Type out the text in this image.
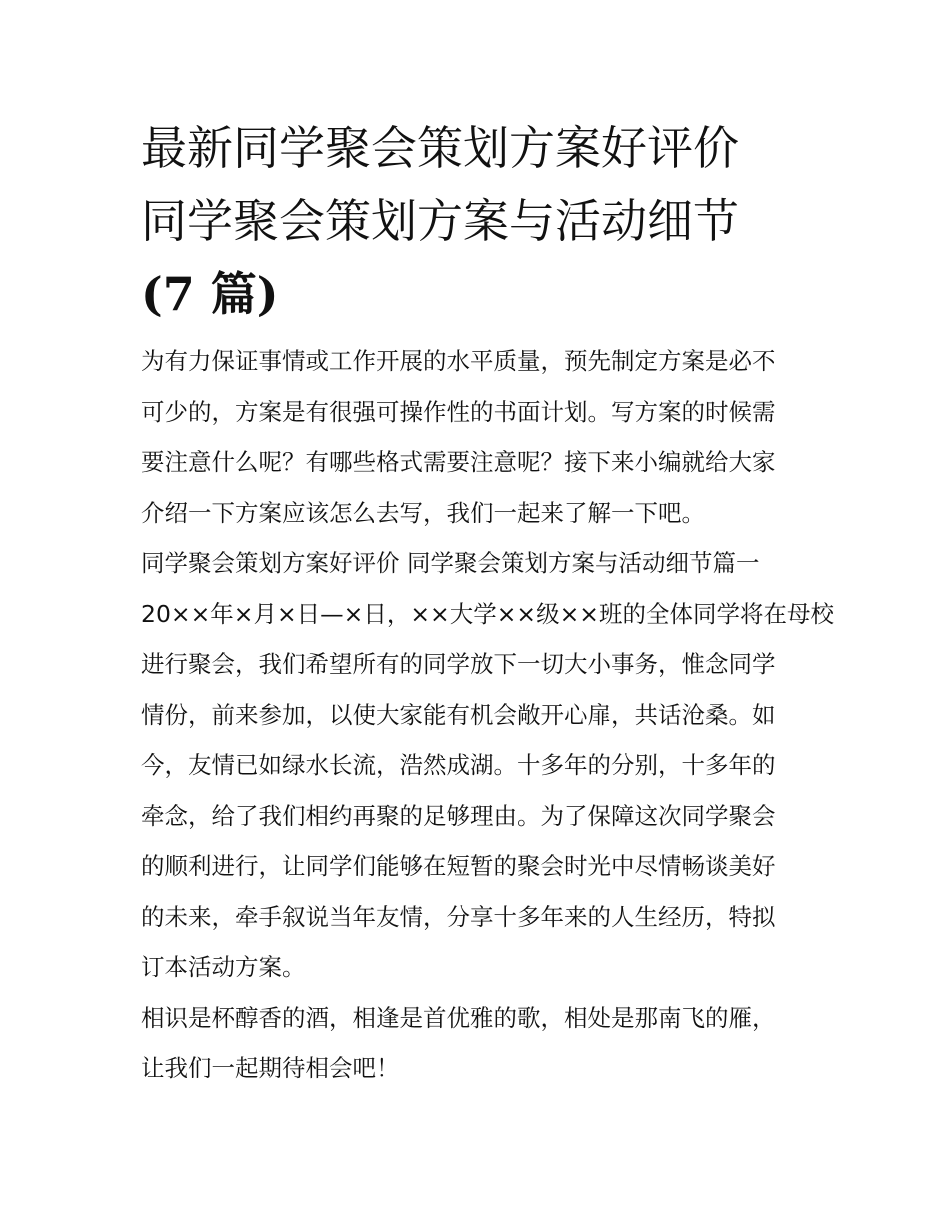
最新同学聚会策划方案好评价
同学聚会策划方案与活动细节
(7 篇)

为有力保证事情或工作开展的水平质量，预先制定方案是必不
可少的，方案是有很强可操作性的书面计划。写方案的时候需
要注意什么呢？有哪些格式需要注意呢？接下来小编就给大家
介绍一下方案应该怎么去写，我们一起来了解一下吧。

同学聚会策划方案好评价 同学聚会策划方案与活动细节篇一

20××年×月×日—×日，××大学××级××班的全体同学将在母校
进行聚会，我们希望所有的同学放下一切大小事务，惟念同学
情份，前来参加，以使大家能有机会敞开心扉，共话沧桑。如
今，友情已如绿水长流，浩然成湖。十多年的分别，十多年的
牵念，给了我们相约再聚的足够理由。为了保障这次同学聚会
的顺利进行，让同学们能够在短暂的聚会时光中尽情畅谈美好
的未来，牵手叙说当年友情，分享十多年来的人生经历，特拟
订本活动方案。

相识是杯醇香的酒，相逢是首优雅的歌，相处是那南飞的雁，
让我们一起期待相会吧！
